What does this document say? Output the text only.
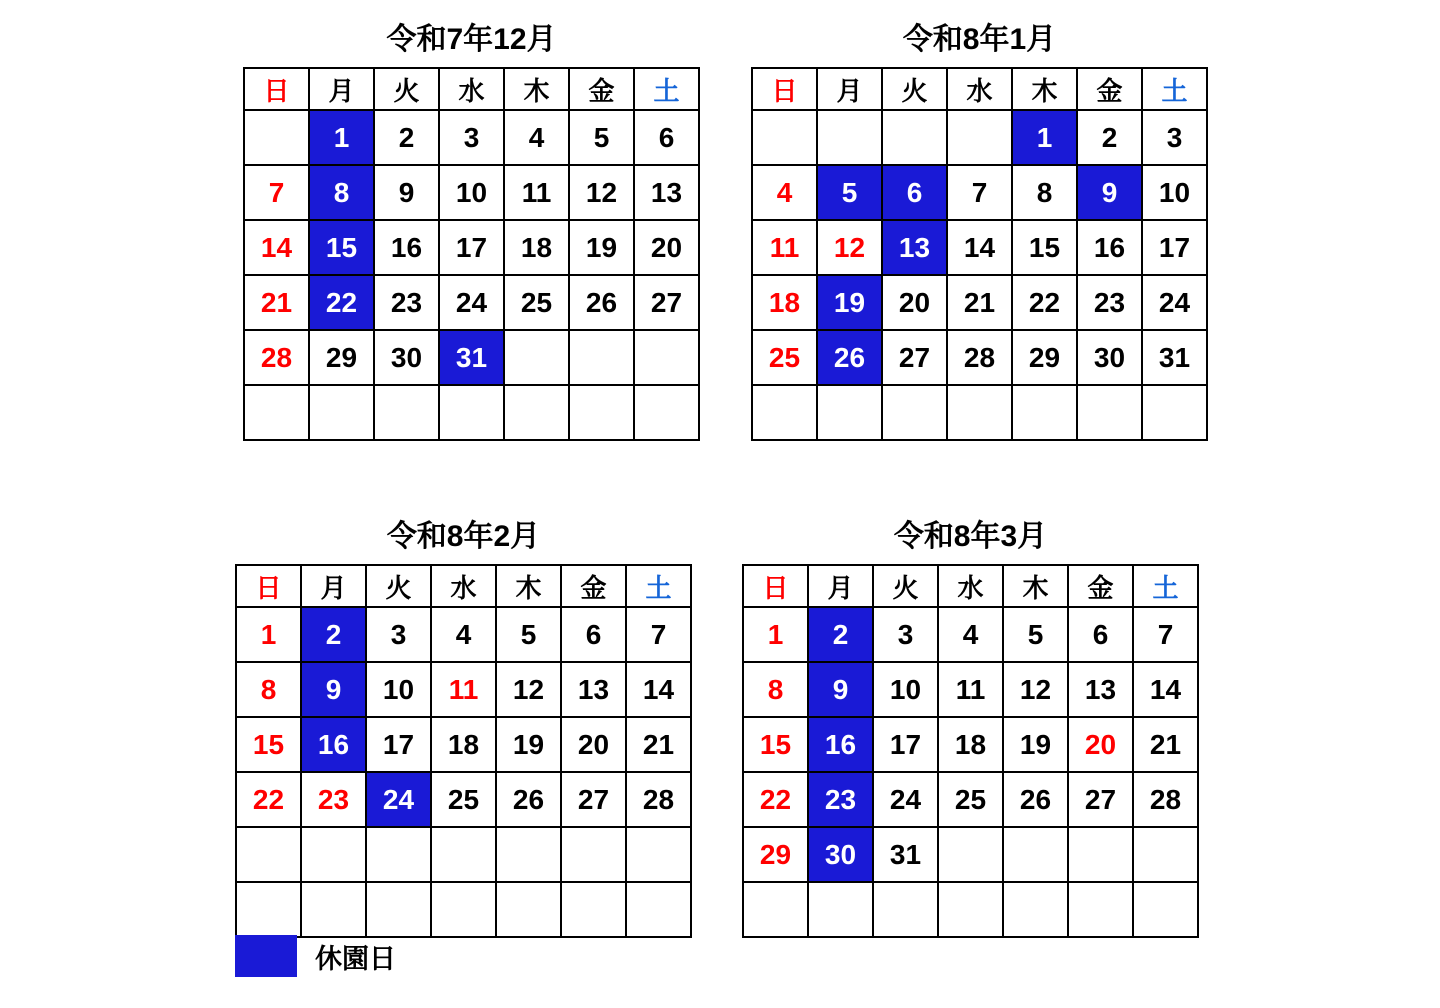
令和7年12月
日	月	火	水	木	金	土
	1	2	3	4	5	6
7	8	9	10	11	12	13
14	15	16	17	18	19	20
21	22	23	24	25	26	27
28	29	30	31			

令和8年1月
日	月	火	水	木	金	土
				1	2	3
4	5	6	7	8	9	10
11	12	13	14	15	16	17
18	19	20	21	22	23	24
25	26	27	28	29	30	31

令和8年2月
日	月	火	水	木	金	土
1	2	3	4	5	6	7
8	9	10	11	12	13	14
15	16	17	18	19	20	21
22	23	24	25	26	27	28

令和8年3月
日	月	火	水	木	金	土
1	2	3	4	5	6	7
8	9	10	11	12	13	14
15	16	17	18	19	20	21
22	23	24	25	26	27	28
29	30	31				

休園日
